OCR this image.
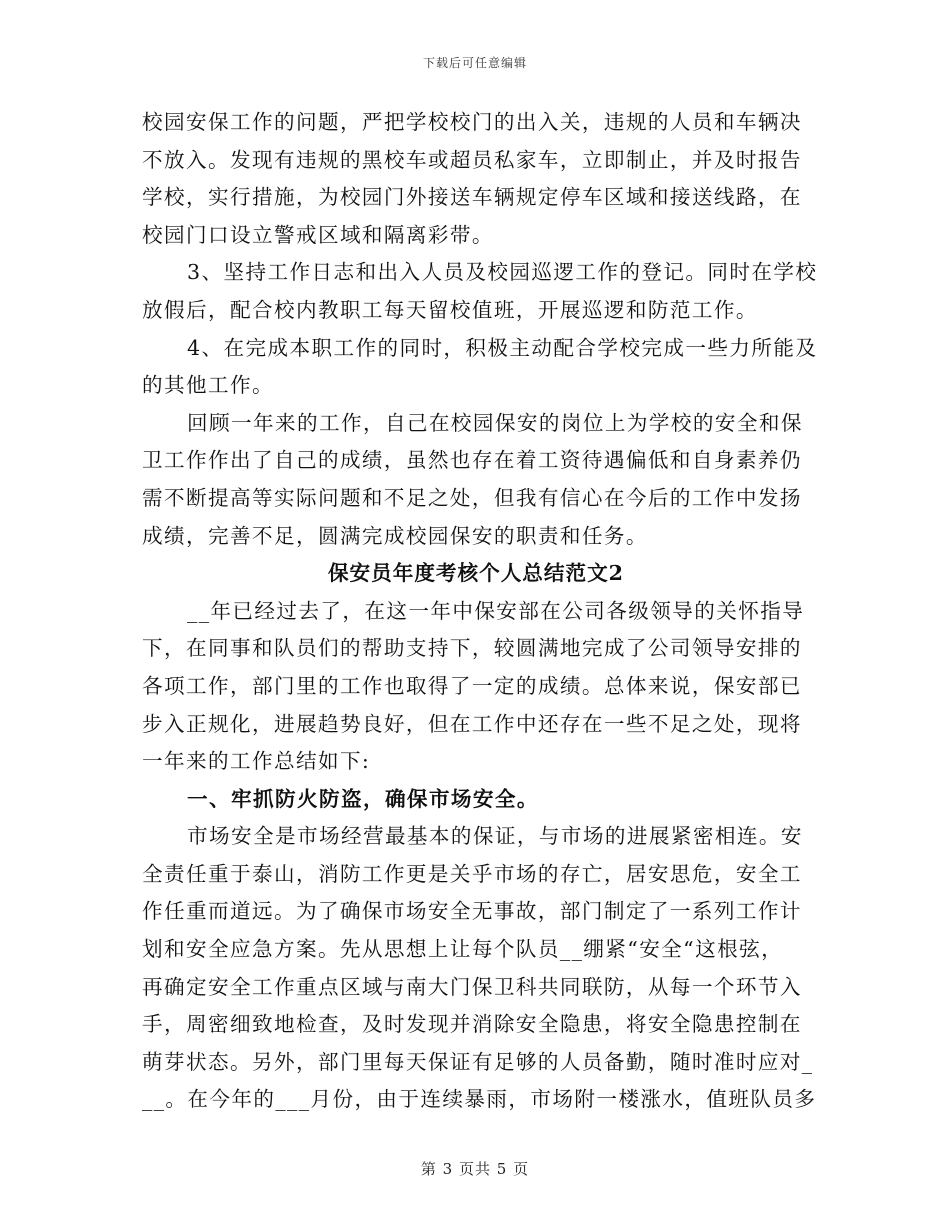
下载后可任意编辑
校园安保工作的问题，严把学校校门的出入关，违规的人员和车辆决
不放入。发现有违规的黑校车或超员私家车，立即制止，并及时报告
学校，实行措施，为校园门外接送车辆规定停车区域和接送线路，在
校园门口设立警戒区域和隔离彩带。
3、坚持工作日志和出入人员及校园巡逻工作的登记。同时在学校
放假后，配合校内教职工每天留校值班，开展巡逻和防范工作。
4、在完成本职工作的同时，积极主动配合学校完成一些力所能及
的其他工作。
回顾一年来的工作，自己在校园保安的岗位上为学校的安全和保
卫工作作出了自己的成绩，虽然也存在着工资待遇偏低和自身素养仍
需不断提高等实际问题和不足之处，但我有信心在今后的工作中发扬
成绩，完善不足，圆满完成校园保安的职责和任务。
保安员年度考核个人总结范文2
__年已经过去了，在这一年中保安部在公司各级领导的关怀指导
下，在同事和队员们的帮助支持下，较圆满地完成了公司领导安排的
各项工作，部门里的工作也取得了一定的成绩。总体来说，保安部已
步入正规化，进展趋势良好，但在工作中还存在一些不足之处，现将
一年来的工作总结如下:
一、牢抓防火防盗，确保市场安全。
市场安全是市场经营最基本的保证，与市场的进展紧密相连。安
全责任重于泰山，消防工作更是关乎市场的存亡，居安思危，安全工
作任重而道远。为了确保市场安全无事故，部门制定了一系列工作计
划和安全应急方案。先从思想上让每个队员__绷紧“安全“这根弦，
再确定安全工作重点区域与南大门保卫科共同联防，从每一个环节入
手，周密细致地检查，及时发现并消除安全隐患，将安全隐患控制在
萌芽状态。另外，部门里每天保证有足够的人员备勤，随时准时应对_
__。在今年的___月份，由于连续暴雨，市场附一楼涨水，值班队员多
第 3 页共 5 页
